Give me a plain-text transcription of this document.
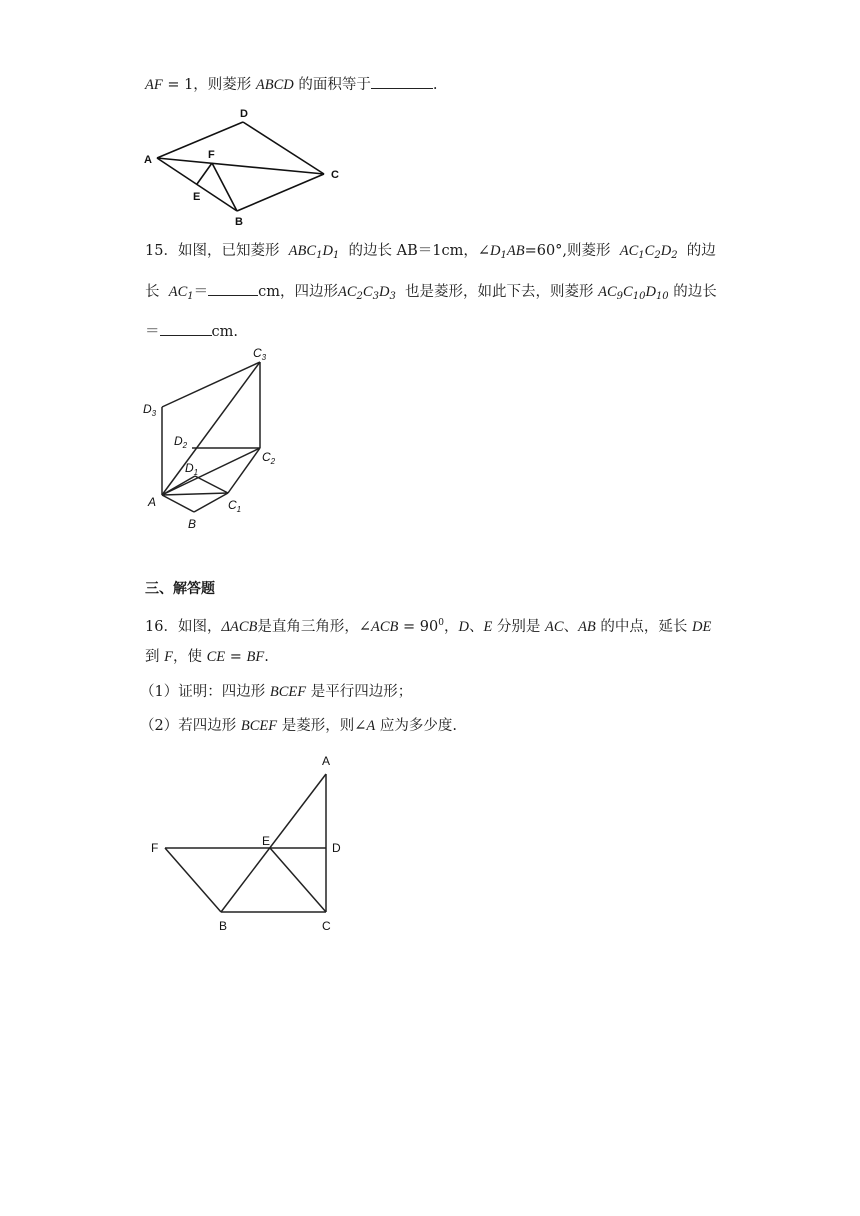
AF = 1，则菱形 ABCD 的面积等于	.
D
A	F
C
E
B
15．如图，已知菱形 $ABC_1D_1$ 的边长 AB＝1cm，$\angle D_1AB=60^\circ$,则菱形 $AC_1C_2D_2$ 的边
长 $AC_1=$	cm，四边形$AC_2C_3D_3$ 也是菱形，如此下去，则菱形 $AC_9C_{10}D_{10}$ 的边长
＝	cm.
$C_3$
$D_3$
$D_2$
$C_2$
$D_1$
A	$C_1$
B
三、解答题
16．如图，ΔACB是直角三角形，∠ACB = $90^0$，D、E 分别是 AC、AB 的中点，延长 DE
到 F，使 CE = BF.
（1）证明：四边形 BCEF 是平行四边形；
（2）若四边形 BCEF 是菱形，则∠A 应为多少度.
A
E	D
F
B	C
